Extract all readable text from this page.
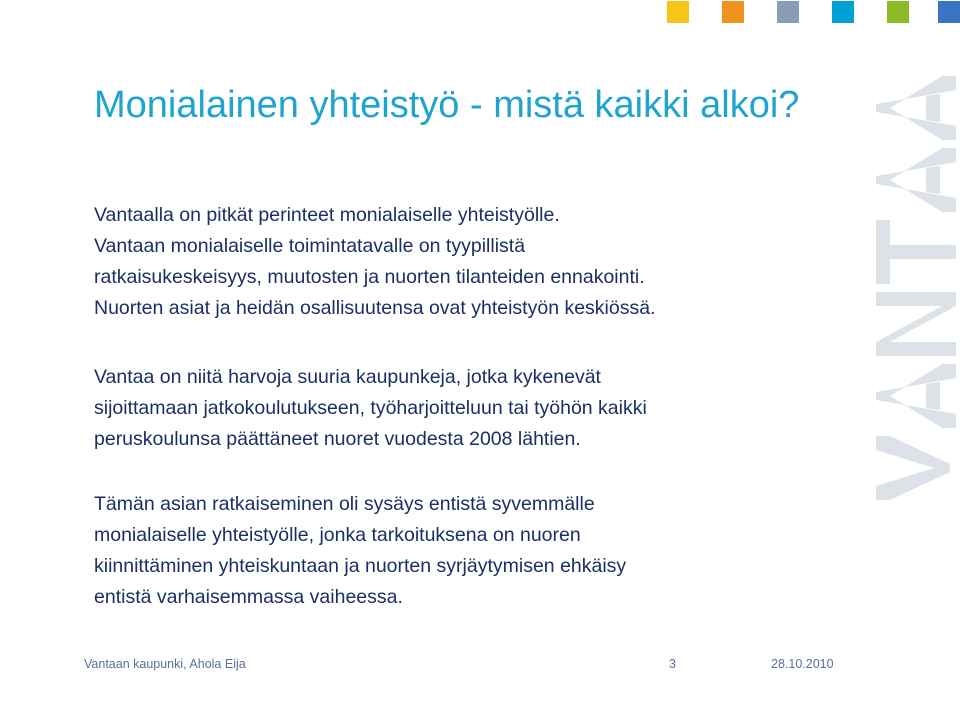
Monialainen yhteistyö - mistä kaikki alkoi?
Vantaalla on pitkät perinteet monialaiselle yhteistyölle.
Vantaan monialaiselle toimintatavalle on tyypillistä
ratkaisukeskeisyys, muutosten ja nuorten tilanteiden ennakointi.
Nuorten asiat ja heidän osallisuutensa ovat yhteistyön keskiössä.
Vantaa on niitä harvoja suuria kaupunkeja, jotka kykenevät
sijoittamaan jatkokoulutukseen, työharjoitteluun tai työhön kaikki
peruskoulunsa päättäneet nuoret vuodesta 2008 lähtien.
Tämän asian ratkaiseminen oli sysäys entistä syvemmälle
monialaiselle yhteistyölle, jonka tarkoituksena on nuoren
kiinnittäminen yhteiskuntaan ja nuorten syrjäytymisen ehkäisy
entistä varhaisemmassa vaiheessa.
Vantaan kaupunki, Ahola Eija	3	28.10.2010
